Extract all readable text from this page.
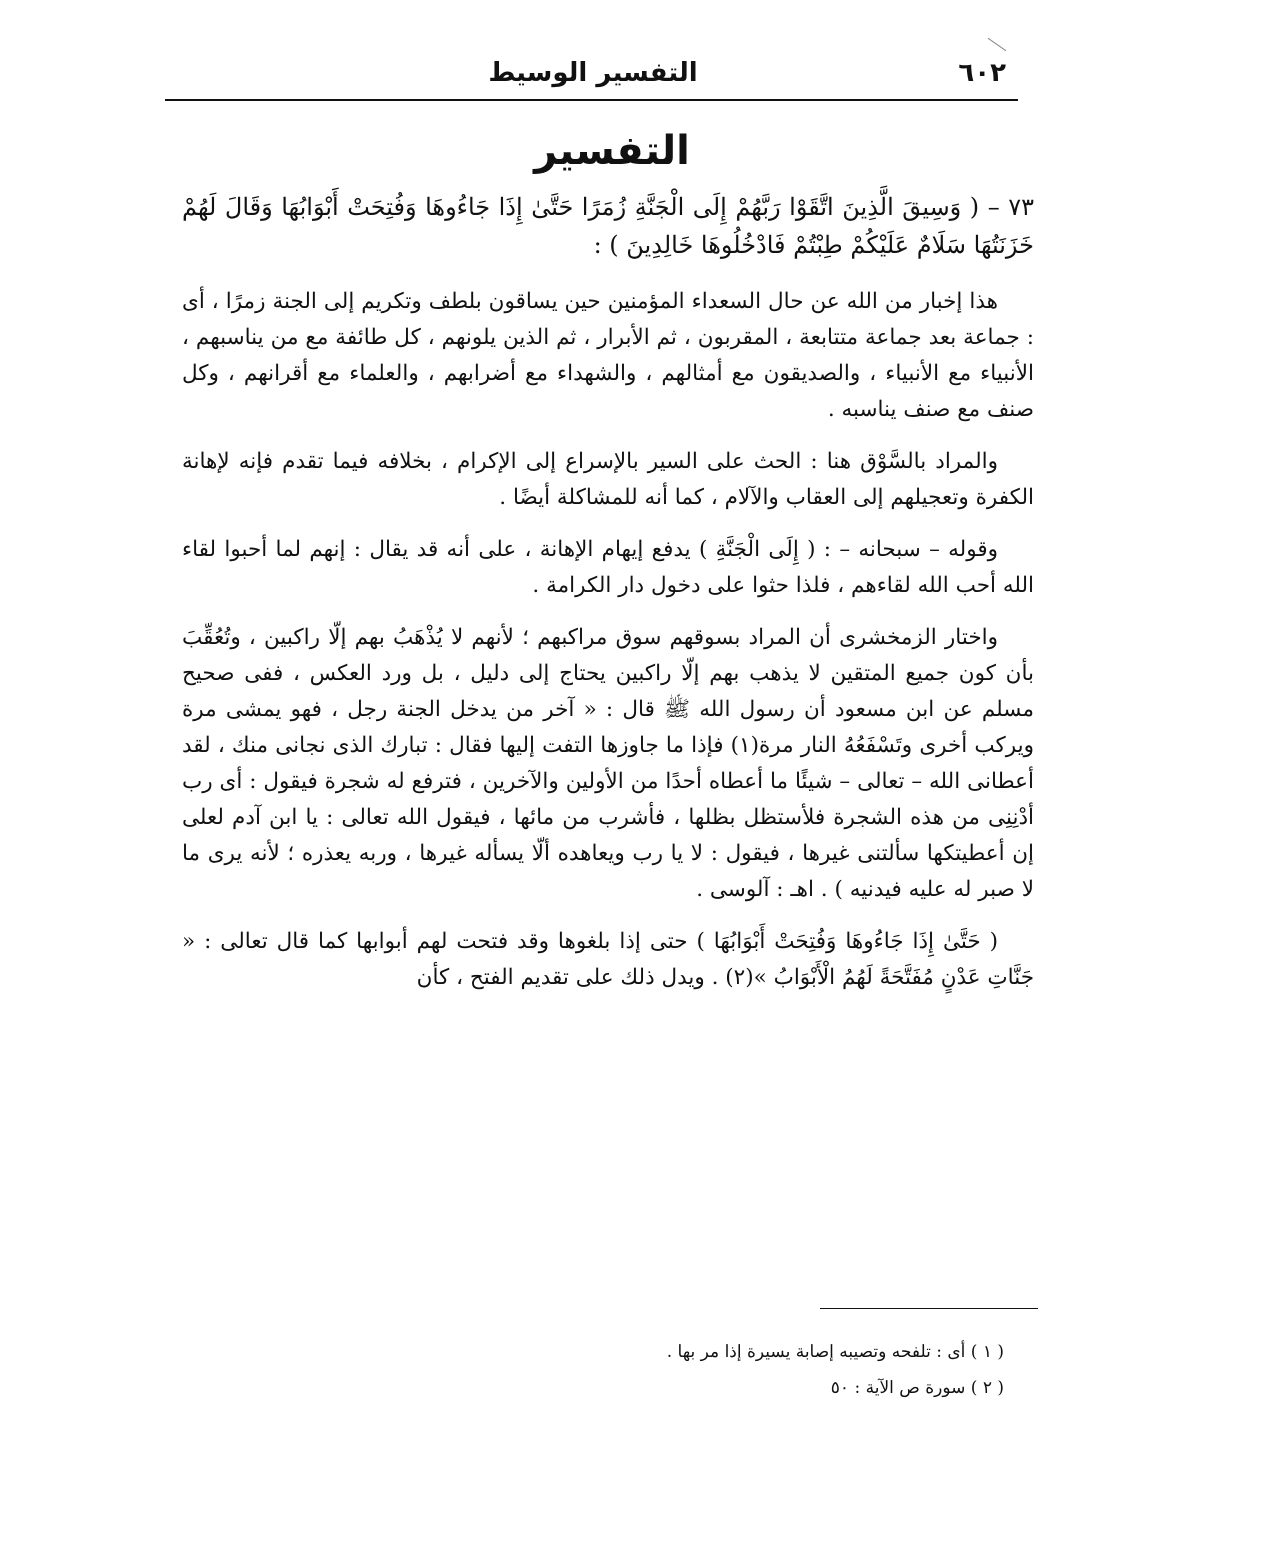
٦٠٢
التفسير الوسيط
التفسير

٧٣ – ( وَسِيقَ الَّذِينَ اتَّقَوْا رَبَّهُمْ إِلَى الْجَنَّةِ زُمَرًا حَتَّىٰ إِذَا جَاءُوهَا وَفُتِحَتْ أَبْوَابُهَا وَقَالَ لَهُمْ خَزَنَتُهَا سَلَامٌ عَلَيْكُمْ طِبْتُمْ فَادْخُلُوهَا خَالِدِينَ ) :

هذا إخبار من الله عن حال السعداء المؤمنين حين يساقون بلطف وتكريم إلى الجنة زمرًا ، أى : جماعة بعد جماعة متتابعة ، المقربون ، ثم الأبرار ، ثم الذين يلونهم ، كل طائفة مع من يناسبهم ، الأنبياء مع الأنبياء ، والصديقون مع أمثالهم ، والشهداء مع أضرابهم ، والعلماء مع أقرانهم ، وكل صنف مع صنف يناسبه .

والمراد بالسَّوْق هنا : الحث على السير بالإسراع إلى الإكرام ، بخلافه فيما تقدم فإنه لإهانة الكفرة وتعجيلهم إلى العقاب والآلام ، كما أنه للمشاكلة أيضًا .

وقوله – سبحانه – : ( إِلَى الْجَنَّةِ ) يدفع إيهام الإهانة ، على أنه قد يقال : إنهم لما أحبوا لقاء الله أحب الله لقاءهم ، فلذا حثوا على دخول دار الكرامة .

واختار الزمخشرى أن المراد بسوقهم سوق مراكبهم ؛ لأنهم لا يُذْهَبُ بهم إلّا راكبين ، وتُعُقِّبَ بأن كون جميع المتقين لا يذهب بهم إلّا راكبين يحتاج إلى دليل ، بل ورد العكس ، ففى صحيح مسلم عن ابن مسعود أن رسول الله ﷺ قال : « آخر من يدخل الجنة رجل ، فهو يمشى مرة ويركب أخرى وتَسْفَعُهُ النار مرة(١) فإذا ما جاوزها التفت إليها فقال : تبارك الذى نجانى منك ، لقد أعطانى الله – تعالى – شيئًا ما أعطاه أحدًا من الأولين والآخرين ، فترفع له شجرة فيقول : أى رب أدْنِنِى من هذه الشجرة فلأستظل بظلها ، فأشرب من مائها ، فيقول الله تعالى : يا ابن آدم لعلى إن أعطيتكها سألتنى غيرها ، فيقول : لا يا رب ويعاهده ألّا يسأله غيرها ، وربه يعذره ؛ لأنه يرى ما لا صبر له عليه فيدنيه ) . اهـ : آلوسى .

( حَتَّىٰ إِذَا جَاءُوهَا وَفُتِحَتْ أَبْوَابُهَا ) حتى إذا بلغوها وقد فتحت لهم أبوابها كما قال تعالى : « جَنَّاتِ عَدْنٍ مُفَتَّحَةً لَهُمُ الْأَبْوَابُ »(٢) . ويدل ذلك على تقديم الفتح ، كأن

( ١ ) أى : تلفحه وتصيبه إصابة يسيرة إذا مر بها .

( ٢ ) سورة ص الآية : ٥٠
